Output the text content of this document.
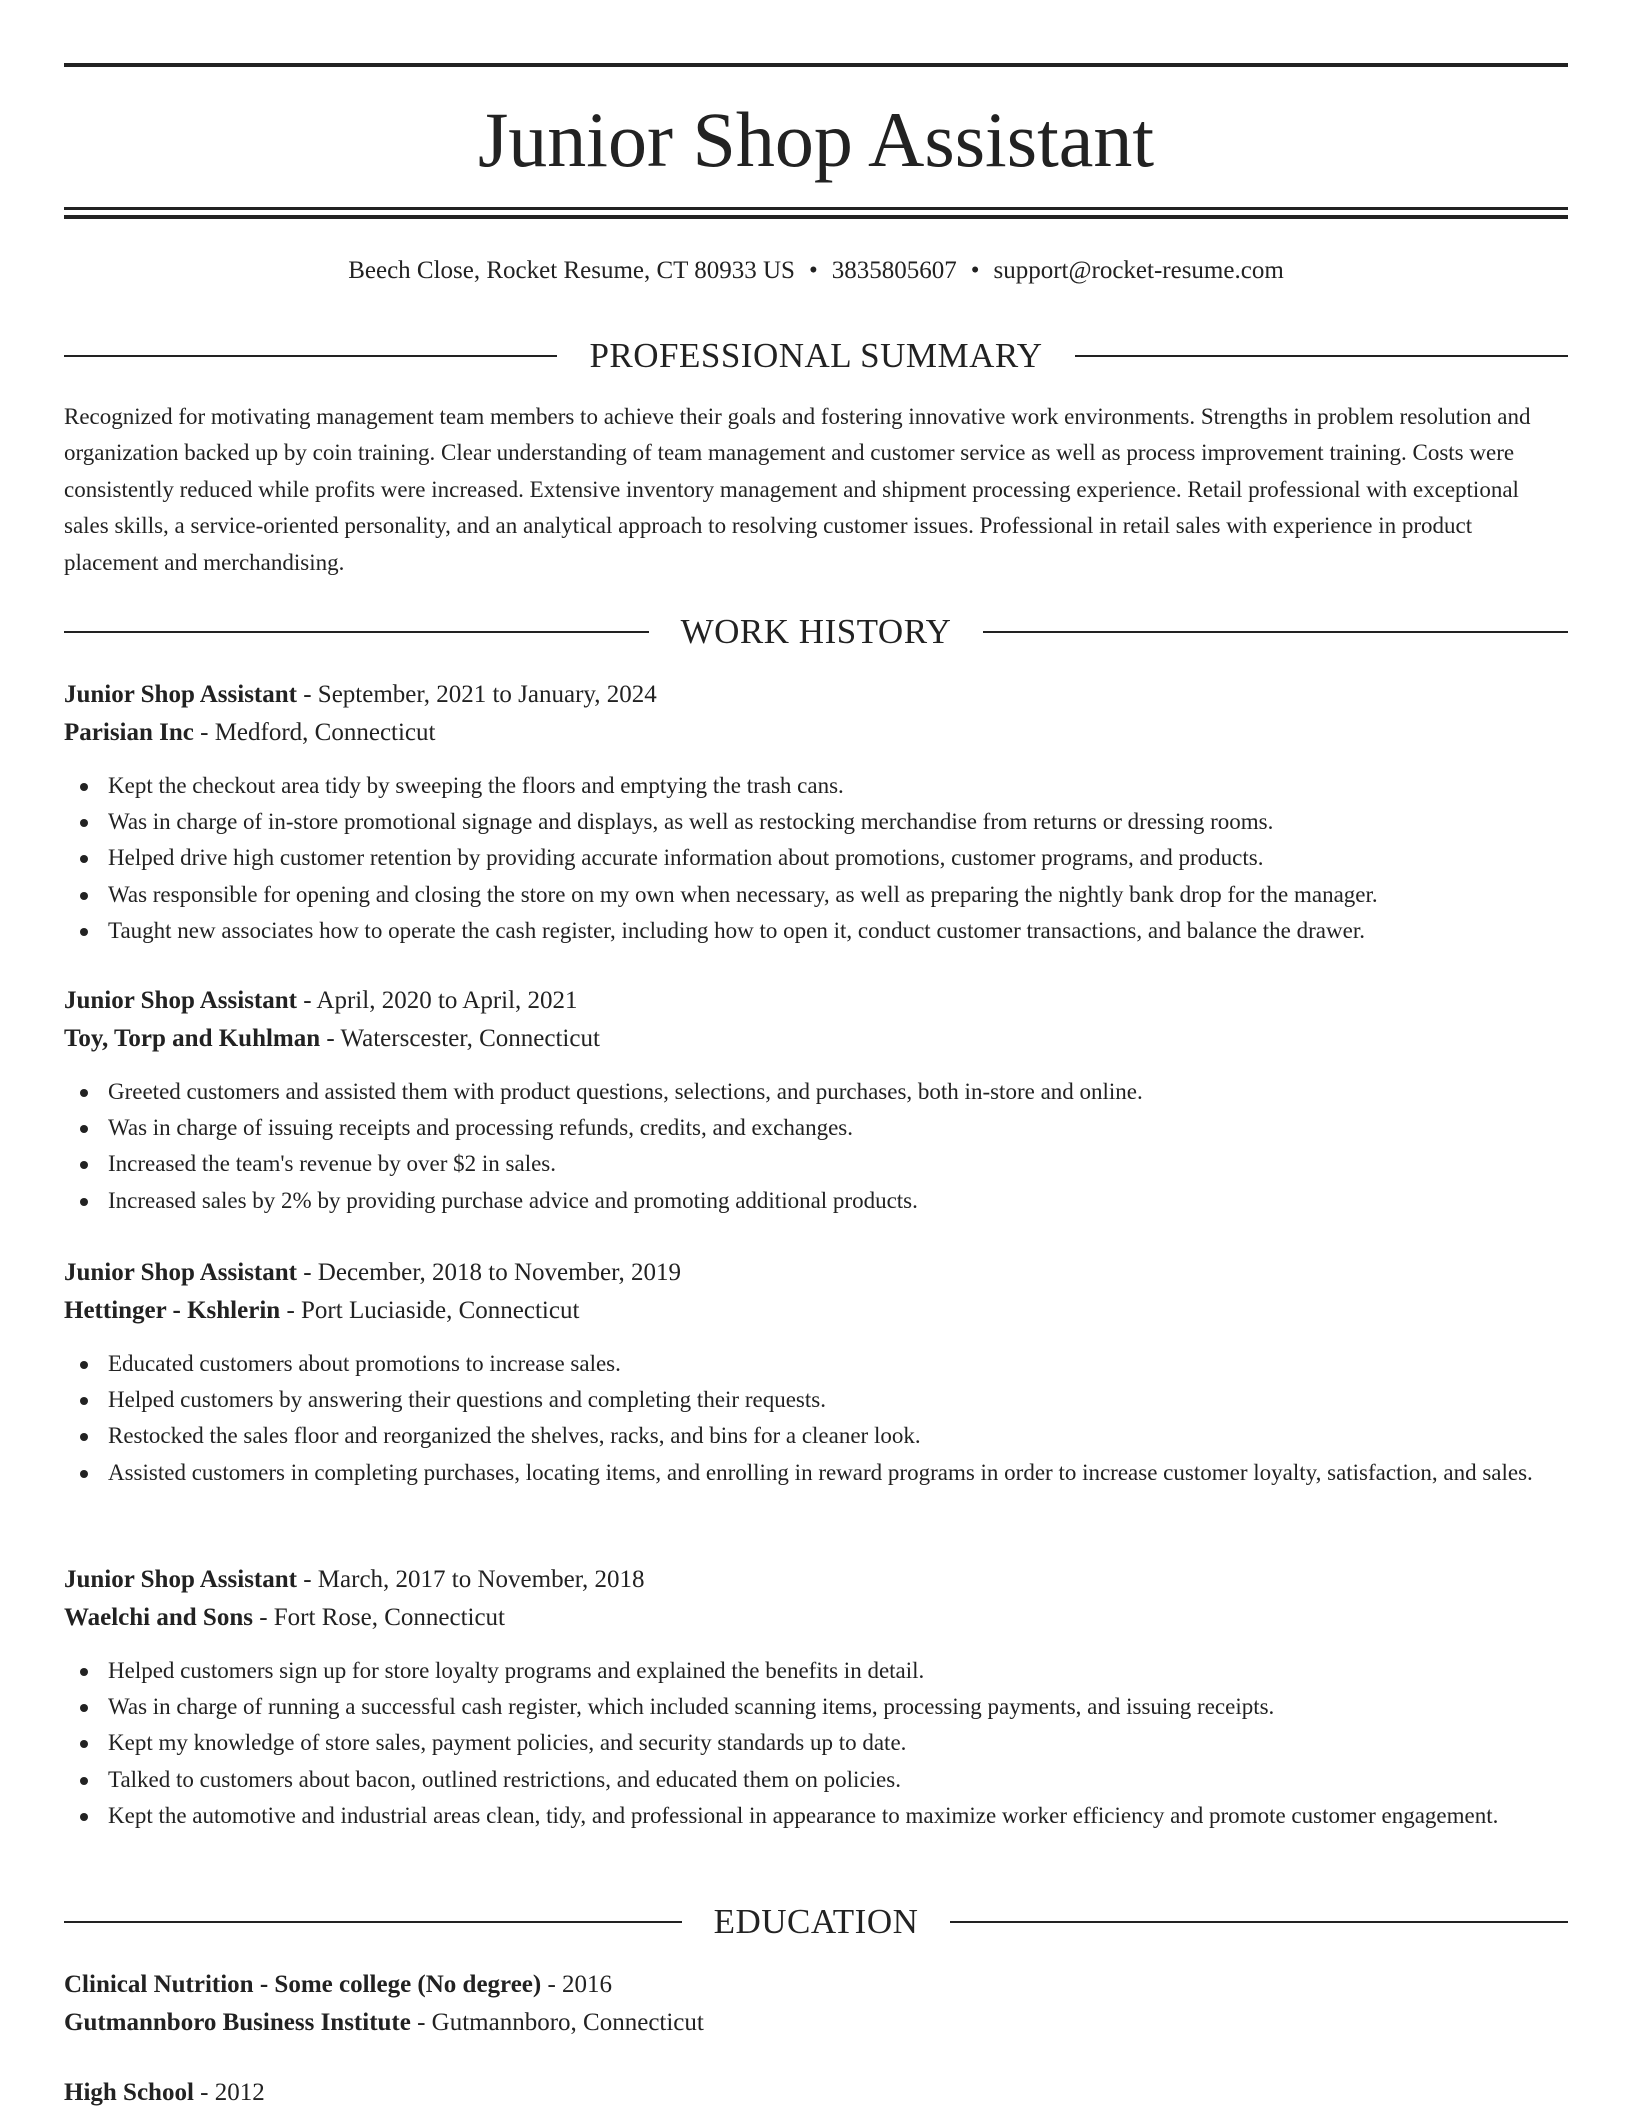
Junior Shop Assistant
Beech Close, Rocket Resume, CT 80933 US • 3835805607 • support@rocket-resume.com
PROFESSIONAL SUMMARY

Recognized for motivating management team members to achieve their goals and fostering innovative work environments. Strengths in problem resolution and organization backed up by coin training. Clear understanding of team management and customer service as well as process improvement training. Costs were consistently reduced while profits were increased. Extensive inventory management and shipment processing experience. Retail professional with exceptional sales skills, a service-oriented personality, and an analytical approach to resolving customer issues. Professional in retail sales with experience in product placement and merchandising.

WORK HISTORY
Junior Shop Assistant - September, 2021 to January, 2024
Parisian Inc - Medford, Connecticut
Kept the checkout area tidy by sweeping the floors and emptying the trash cans.
Was in charge of in-store promotional signage and displays, as well as restocking merchandise from returns or dressing rooms.
Helped drive high customer retention by providing accurate information about promotions, customer programs, and products.
Was responsible for opening and closing the store on my own when necessary, as well as preparing the nightly bank drop for the manager.
Taught new associates how to operate the cash register, including how to open it, conduct customer transactions, and balance the drawer.
Junior Shop Assistant - April, 2020 to April, 2021
Toy, Torp and Kuhlman - Waterscester, Connecticut
Greeted customers and assisted them with product questions, selections, and purchases, both in-store and online.
Was in charge of issuing receipts and processing refunds, credits, and exchanges.
Increased the team's revenue by over $2 in sales.
Increased sales by 2% by providing purchase advice and promoting additional products.
Junior Shop Assistant - December, 2018 to November, 2019
Hettinger - Kshlerin - Port Luciaside, Connecticut
Educated customers about promotions to increase sales.
Helped customers by answering their questions and completing their requests.
Restocked the sales floor and reorganized the shelves, racks, and bins for a cleaner look.
Assisted customers in completing purchases, locating items, and enrolling in reward programs in order to increase customer loyalty, satisfaction, and sales.
Junior Shop Assistant - March, 2017 to November, 2018
Waelchi and Sons - Fort Rose, Connecticut
Helped customers sign up for store loyalty programs and explained the benefits in detail.
Was in charge of running a successful cash register, which included scanning items, processing payments, and issuing receipts.
Kept my knowledge of store sales, payment policies, and security standards up to date.
Talked to customers about bacon, outlined restrictions, and educated them on policies.
Kept the automotive and industrial areas clean, tidy, and professional in appearance to maximize worker efficiency and promote customer engagement.
EDUCATION
Clinical Nutrition - Some college (No degree) - 2016
Gutmannboro Business Institute - Gutmannboro, Connecticut
High School - 2012
